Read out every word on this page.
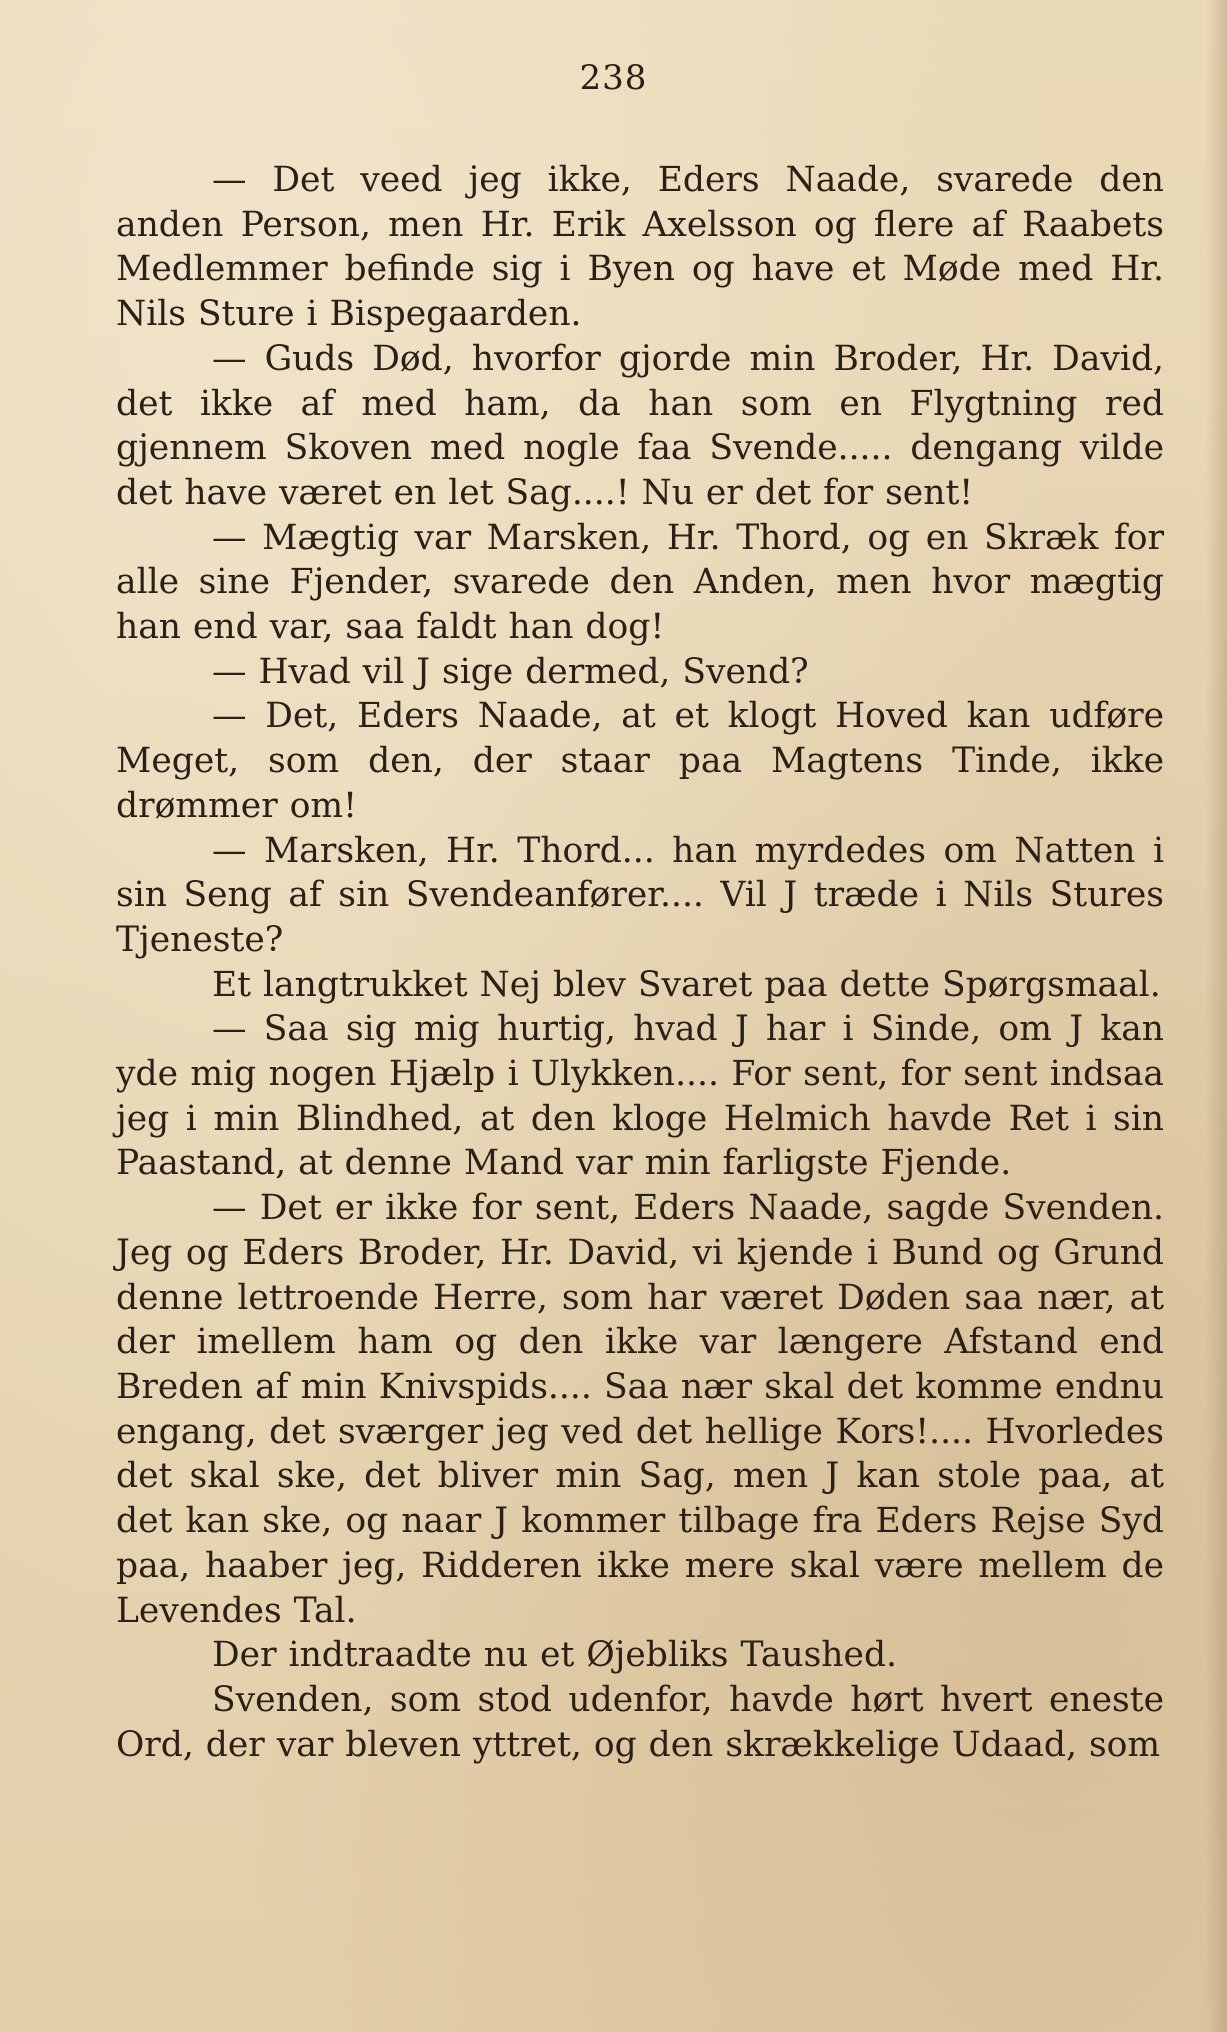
238

— Det veed jeg ikke, Eders Naade, svarede den anden Person, men Hr. Erik Axelsson og flere af Raabets Medlemmer befinde sig i Byen og have et Møde med Hr. Nils Sture i Bispegaarden.

— Guds Død, hvorfor gjorde min Broder, Hr. David, det ikke af med ham, da han som en Flygtning red gjennem Skoven med nogle faa Svende..... dengang vilde det have været en let Sag....! Nu er det for sent!

— Mægtig var Marsken, Hr. Thord, og en Skræk for alle sine Fjender, svarede den Anden, men hvor mægtig han end var, saa faldt han dog!

— Hvad vil J sige dermed, Svend?

— Det, Eders Naade, at et klogt Hoved kan udføre Meget, som den, der staar paa Magtens Tinde, ikke drømmer om!

— Marsken, Hr. Thord... han myrdedes om Natten i sin Seng af sin Svendeanfører.... Vil J træde i Nils Stures Tjeneste?

Et langtrukket Nej blev Svaret paa dette Spørgsmaal.

— Saa sig mig hurtig, hvad J har i Sinde, om J kan yde mig nogen Hjælp i Ulykken.... For sent, for sent indsaa jeg i min Blindhed, at den kloge Helmich havde Ret i sin Paastand, at denne Mand var min farligste Fjende.

— Det er ikke for sent, Eders Naade, sagde Svenden. Jeg og Eders Broder, Hr. David, vi kjende i Bund og Grund denne lettroende Herre, som har været Døden saa nær, at der imellem ham og den ikke var længere Afstand end Breden af min Knivspids.... Saa nær skal det komme endnu engang, det sværger jeg ved det hellige Kors!.... Hvorledes det skal ske, det bliver min Sag, men J kan stole paa, at det kan ske, og naar J kommer tilbage fra Eders Rejse Syd paa, haaber jeg, Ridderen ikke mere skal være mellem de Levendes Tal.

Der indtraadte nu et Øjebliks Taushed.

Svenden, som stod udenfor, havde hørt hvert eneste Ord, der var bleven yttret, og den skrækkelige Udaad, som
